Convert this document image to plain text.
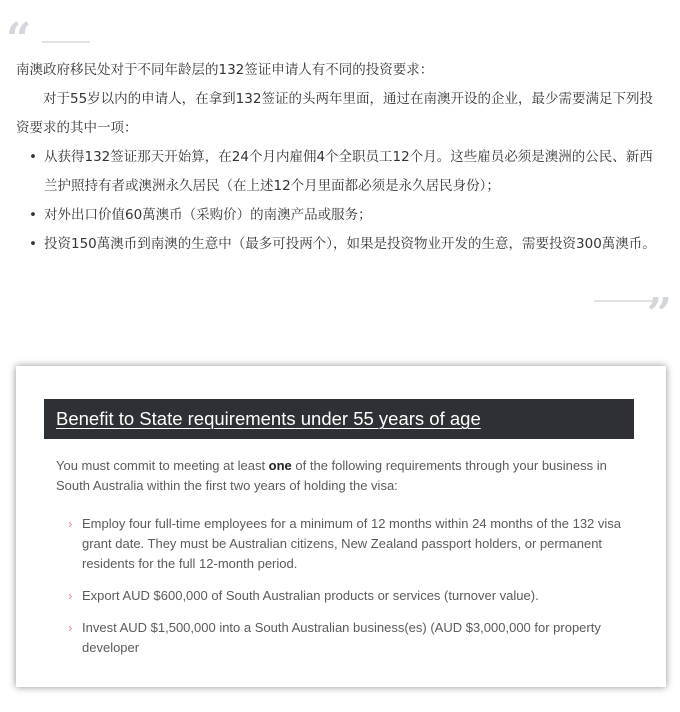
“

南澳政府移民处对于不同年龄层的132签证申请人有不同的投资要求：

对于55岁以内的申请人，在拿到132签证的头两年里面，通过在南澳开设的企业，最少需要满足下列投资要求的其中一项：

• 从获得132签证那天开始算，在24个月内雇佣4个全职员工12个月。这些雇员必须是澳洲的公民、新西兰护照持有者或澳洲永久居民（在上述12个月里面都必须是永久居民身份）；
• 对外出口价值60萬澳币（采购价）的南澳产品或服务；
• 投资150萬澳币到南澳的生意中（最多可投两个），如果是投资物业开发的生意，需要投资300萬澳币。
”
Benefit to State requirements under 55 years of age
You must commit to meeting at least one of the following requirements through your business in South Australia within the first two years of holding the visa:
› Employ four full-time employees for a minimum of 12 months within 24 months of the 132 visa grant date. They must be Australian citizens, New Zealand passport holders, or permanent residents for the full 12-month period.
› Export AUD $600,000 of South Australian products or services (turnover value).
› Invest AUD $1,500,000 into a South Australian business(es) (AUD $3,000,000 for property developer
